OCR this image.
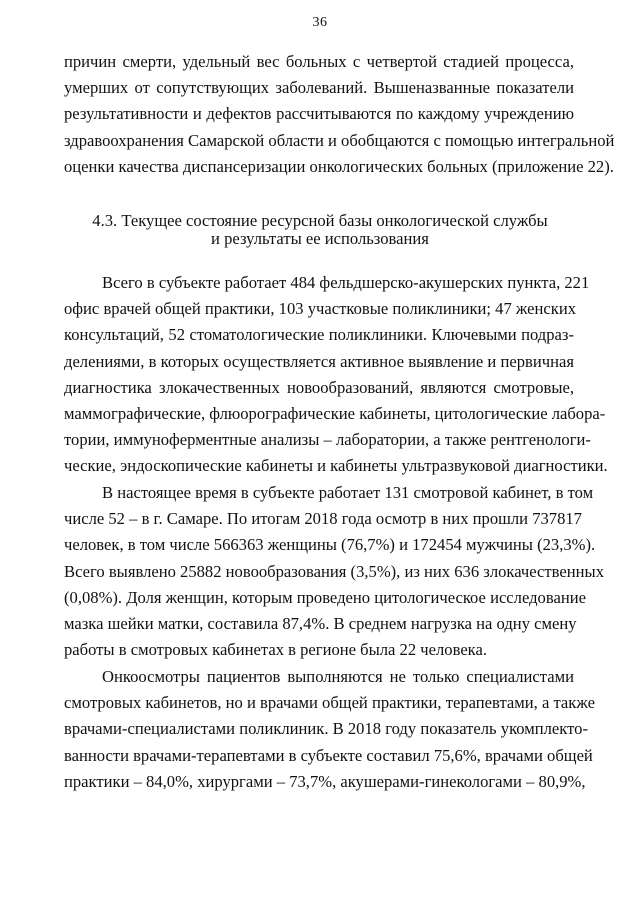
36
причин смерти, удельный вес больных с четвертой стадией процесса,
умерших от сопутствующих заболеваний. Вышеназванные показатели
результативности и дефектов рассчитываются по каждому учреждению
здравоохранения Самарской области и обобщаются с помощью интегральной
оценки качества диспансеризации онкологических больных (приложение 22).
4.3. Текущее состояние ресурсной базы онкологической службы
и результаты ее использования
Всего в субъекте работает 484 фельдшерско-акушерских пункта, 221
офис врачей общей практики, 103 участковые поликлиники; 47 женских
консультаций, 52 стоматологические поликлиники. Ключевыми подраз-
делениями, в которых осуществляется активное выявление и первичная
диагностика злокачественных новообразований, являются смотровые,
маммографические, флюорографические кабинеты, цитологические лабора-
тории, иммуноферментные анализы – лаборатории, а также рентгенологи-
ческие, эндоскопические кабинеты и кабинеты ультразвуковой диагностики.
В настоящее время в субъекте работает 131 смотровой кабинет, в том
числе 52 – в г. Самаре. По итогам 2018 года осмотр в них прошли 737817
человек, в том числе 566363 женщины (76,7%) и 172454 мужчины (23,3%).
Всего выявлено 25882 новообразования (3,5%), из них 636 злокачественных
(0,08%). Доля женщин, которым проведено цитологическое исследование
мазка шейки матки, составила 87,4%. В среднем нагрузка на одну смену
работы в смотровых кабинетах в регионе была 22 человека.
Онкоосмотры пациентов выполняются не только специалистами
смотровых кабинетов, но и врачами общей практики, терапевтами, а также
врачами-специалистами поликлиник. В 2018 году показатель укомплекто-
ванности врачами-терапевтами в субъекте составил 75,6%, врачами общей
практики – 84,0%, хирургами – 73,7%, акушерами-гинекологами – 80,9%,
